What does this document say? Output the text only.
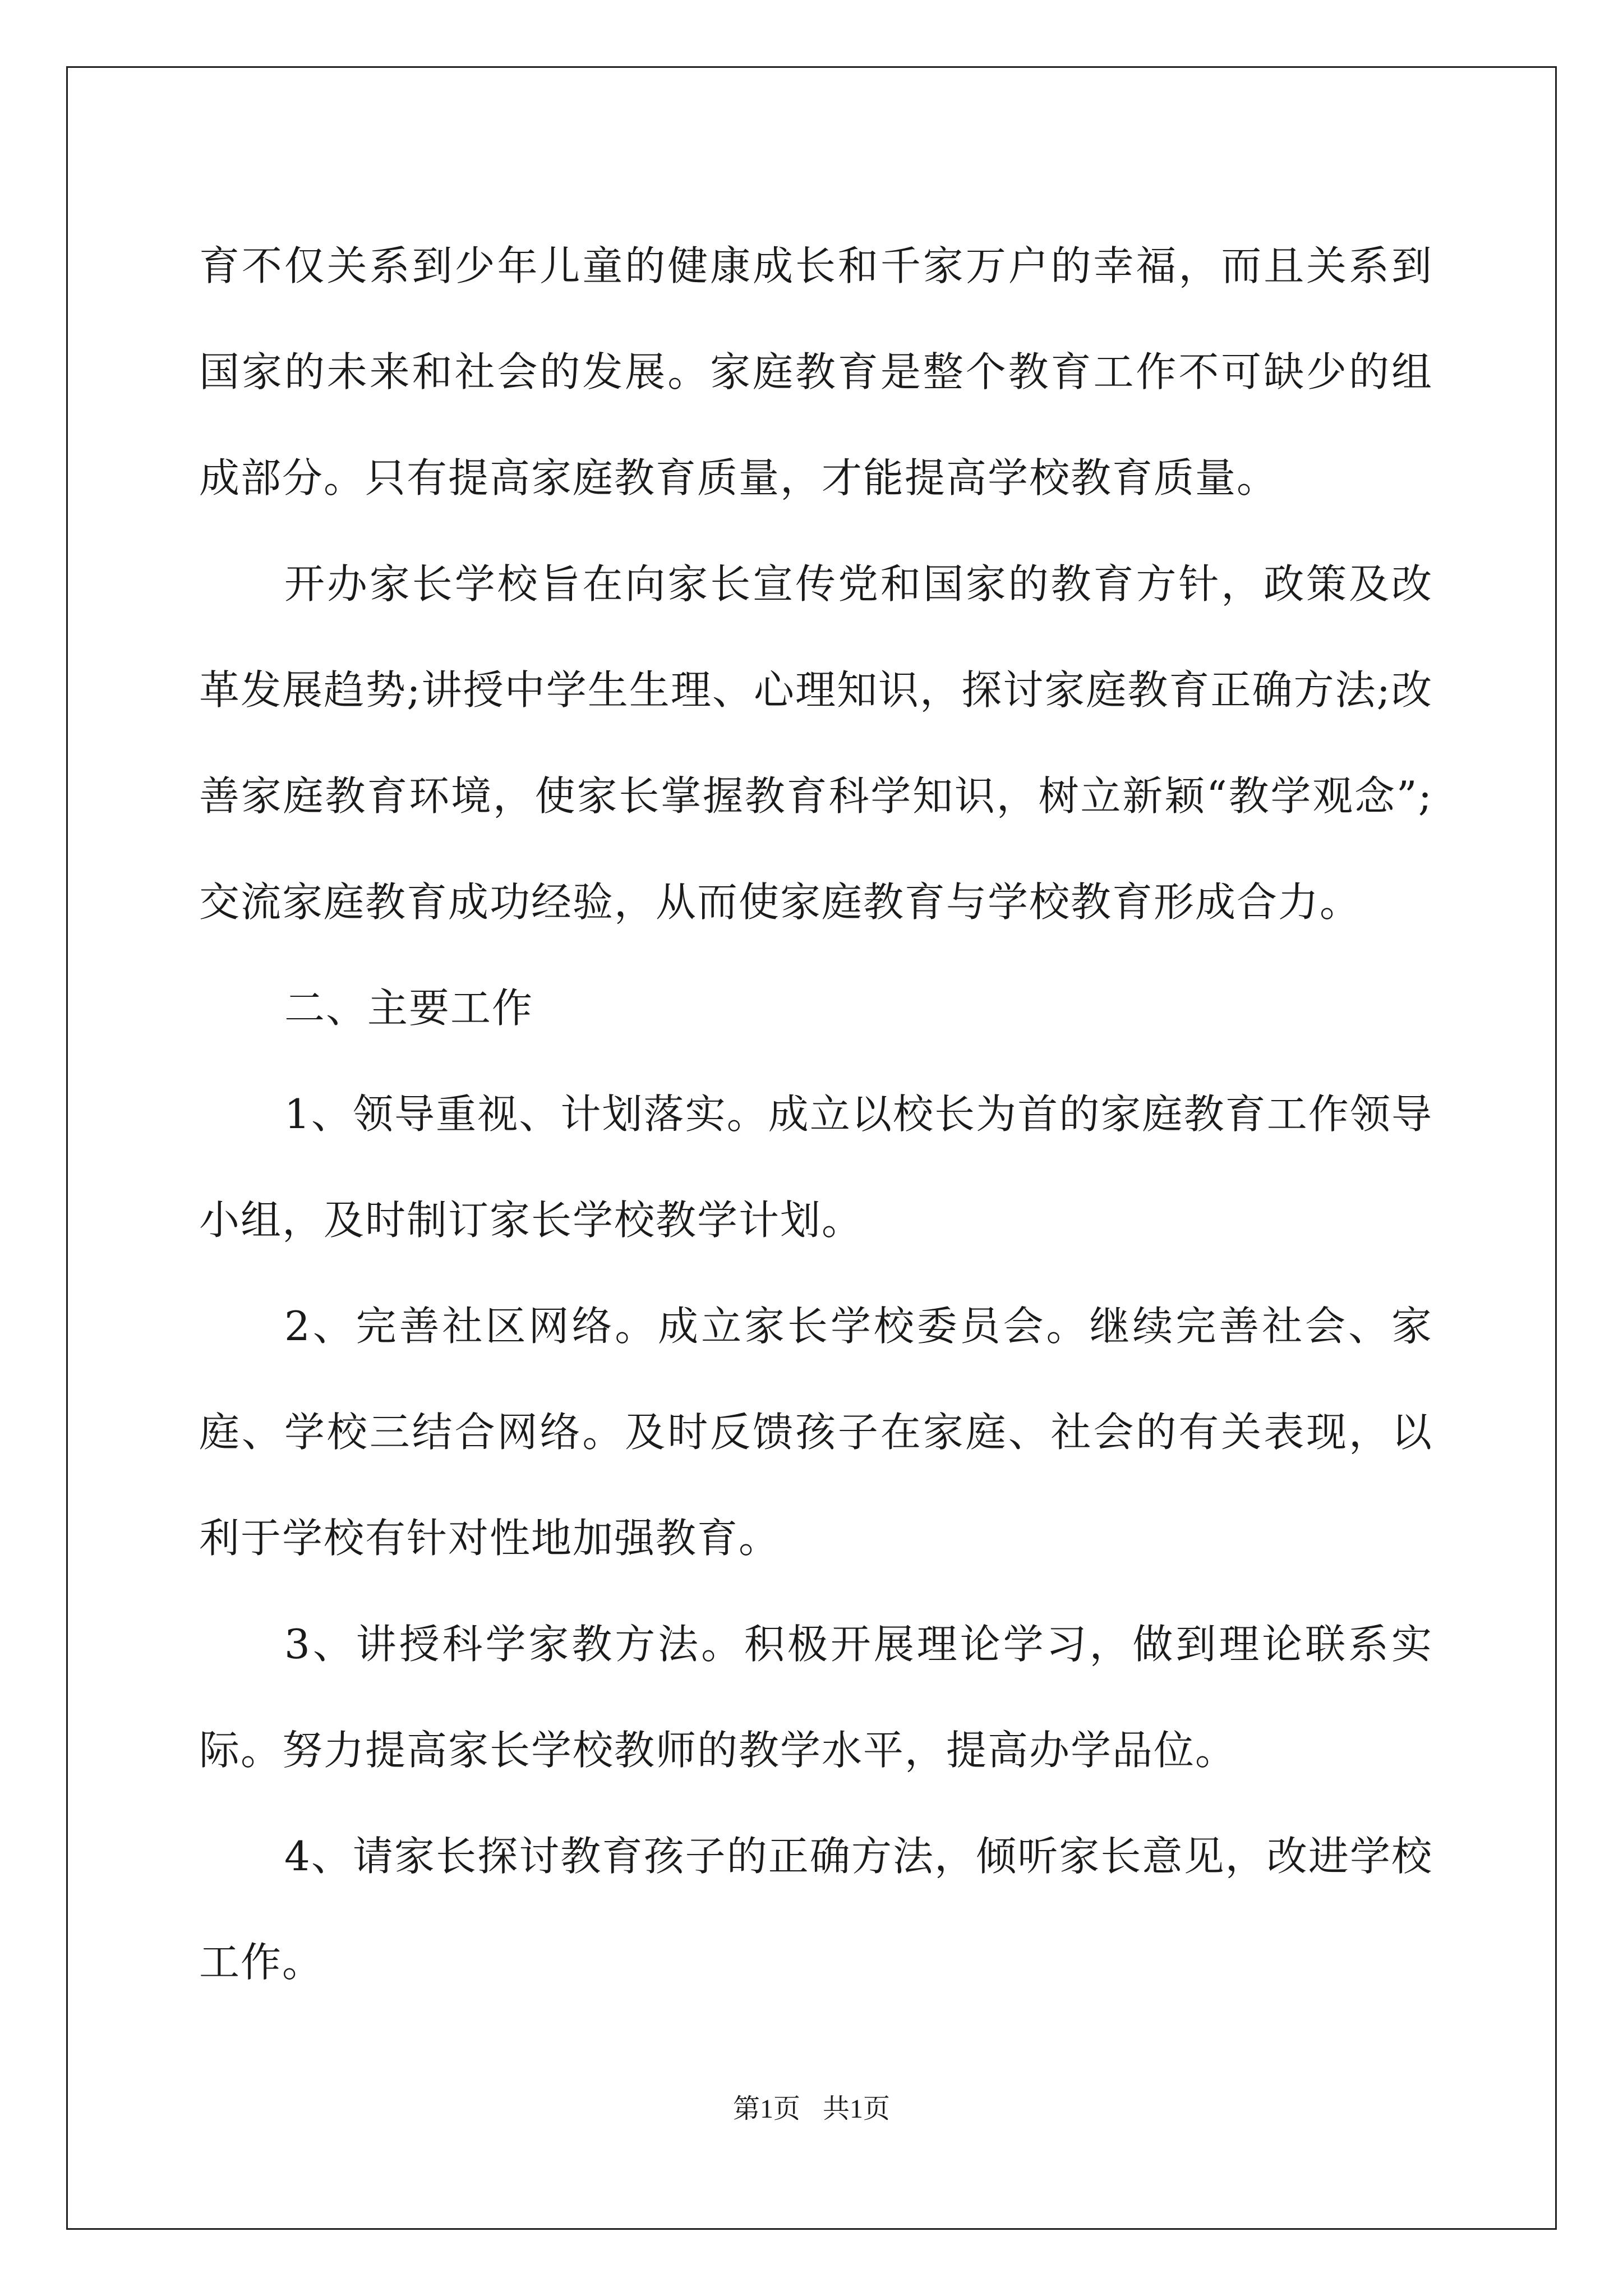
育不仅关系到少年儿童的健康成长和千家万户的幸福，而且关系到国家的未来和社会的发展。家庭教育是整个教育工作不可缺少的组成部分。只有提高家庭教育质量，才能提高学校教育质量。

开办家长学校旨在向家长宣传党和国家的教育方针，政策及改革发展趋势;讲授中学生生理、心理知识，探讨家庭教育正确方法;改善家庭教育环境，使家长掌握教育科学知识，树立新颖“教学观念”;交流家庭教育成功经验，从而使家庭教育与学校教育形成合力。

二、主要工作

1、领导重视、计划落实。成立以校长为首的家庭教育工作领导小组，及时制订家长学校教学计划。

2、完善社区网络。成立家长学校委员会。继续完善社会、家庭、学校三结合网络。及时反馈孩子在家庭、社会的有关表现，以利于学校有针对性地加强教育。

3、讲授科学家教方法。积极开展理论学习，做到理论联系实际。努力提高家长学校教师的教学水平，提高办学品位。

4、请家长探讨教育孩子的正确方法，倾听家长意见，改进学校工作。

第1页 共1页
